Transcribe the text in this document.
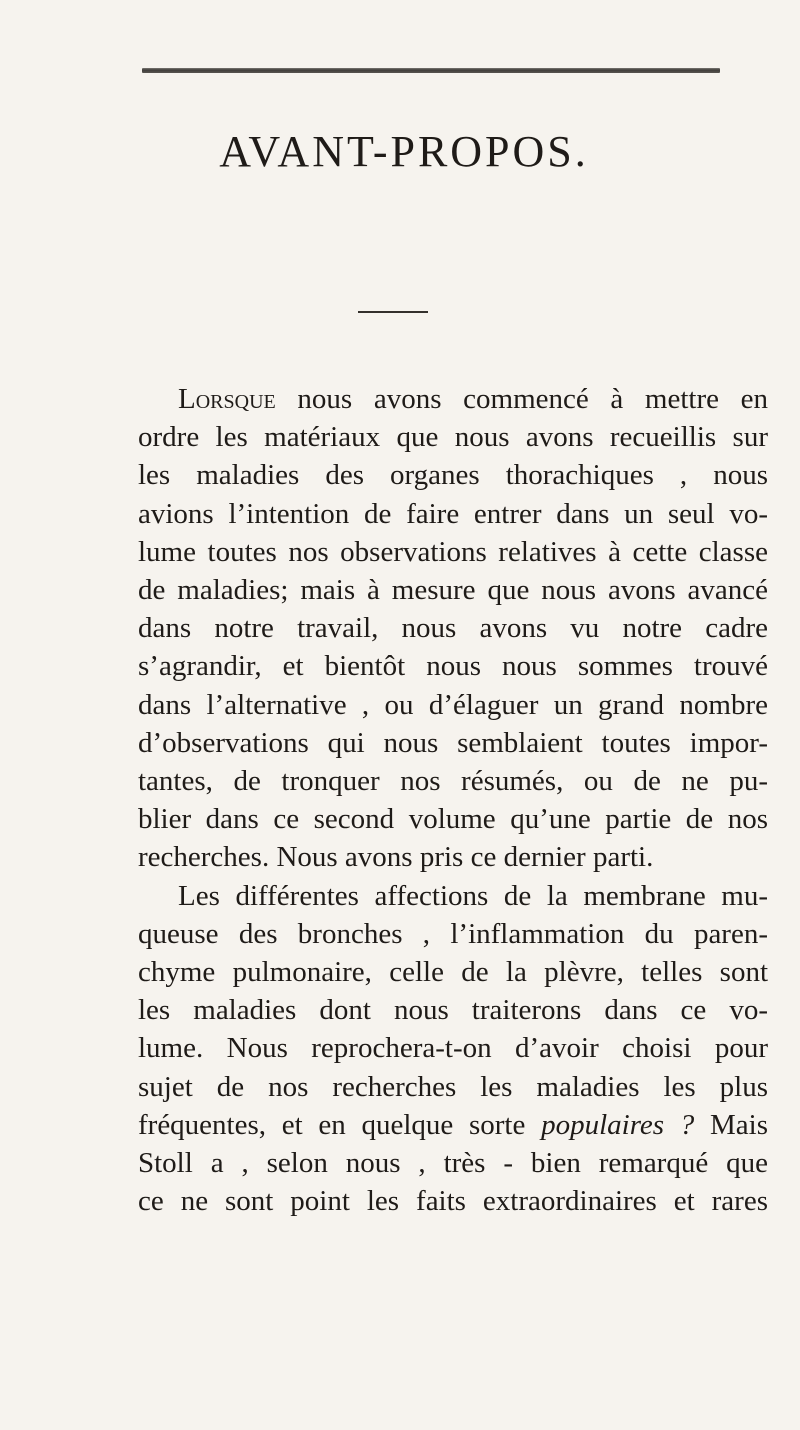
AVANT-PROPOS.
Lorsque nous avons commencé à mettre en
ordre les matériaux que nous avons recueillis sur
les maladies des organes thorachiques , nous
avions l’intention de faire entrer dans un seul vo-
lume toutes nos observations relatives à cette classe
de maladies; mais à mesure que nous avons avancé
dans notre travail, nous avons vu notre cadre
s’agrandir, et bientôt nous nous sommes trouvé
dans l’alternative , ou d’élaguer un grand nombre
d’observations qui nous semblaient toutes impor-
tantes, de tronquer nos résumés, ou de ne pu-
blier dans ce second volume qu’une partie de nos
recherches. Nous avons pris ce dernier parti.
Les différentes affections de la membrane mu-
queuse des bronches , l’inflammation du paren-
chyme pulmonaire, celle de la plèvre, telles sont
les maladies dont nous traiterons dans ce vo-
lume. Nous reprochera-t-on d’avoir choisi pour
sujet de nos recherches les maladies les plus
fréquentes, et en quelque sorte populaires ? Mais
Stoll a , selon nous , très - bien remarqué que
ce ne sont point les faits extraordinaires et rares
